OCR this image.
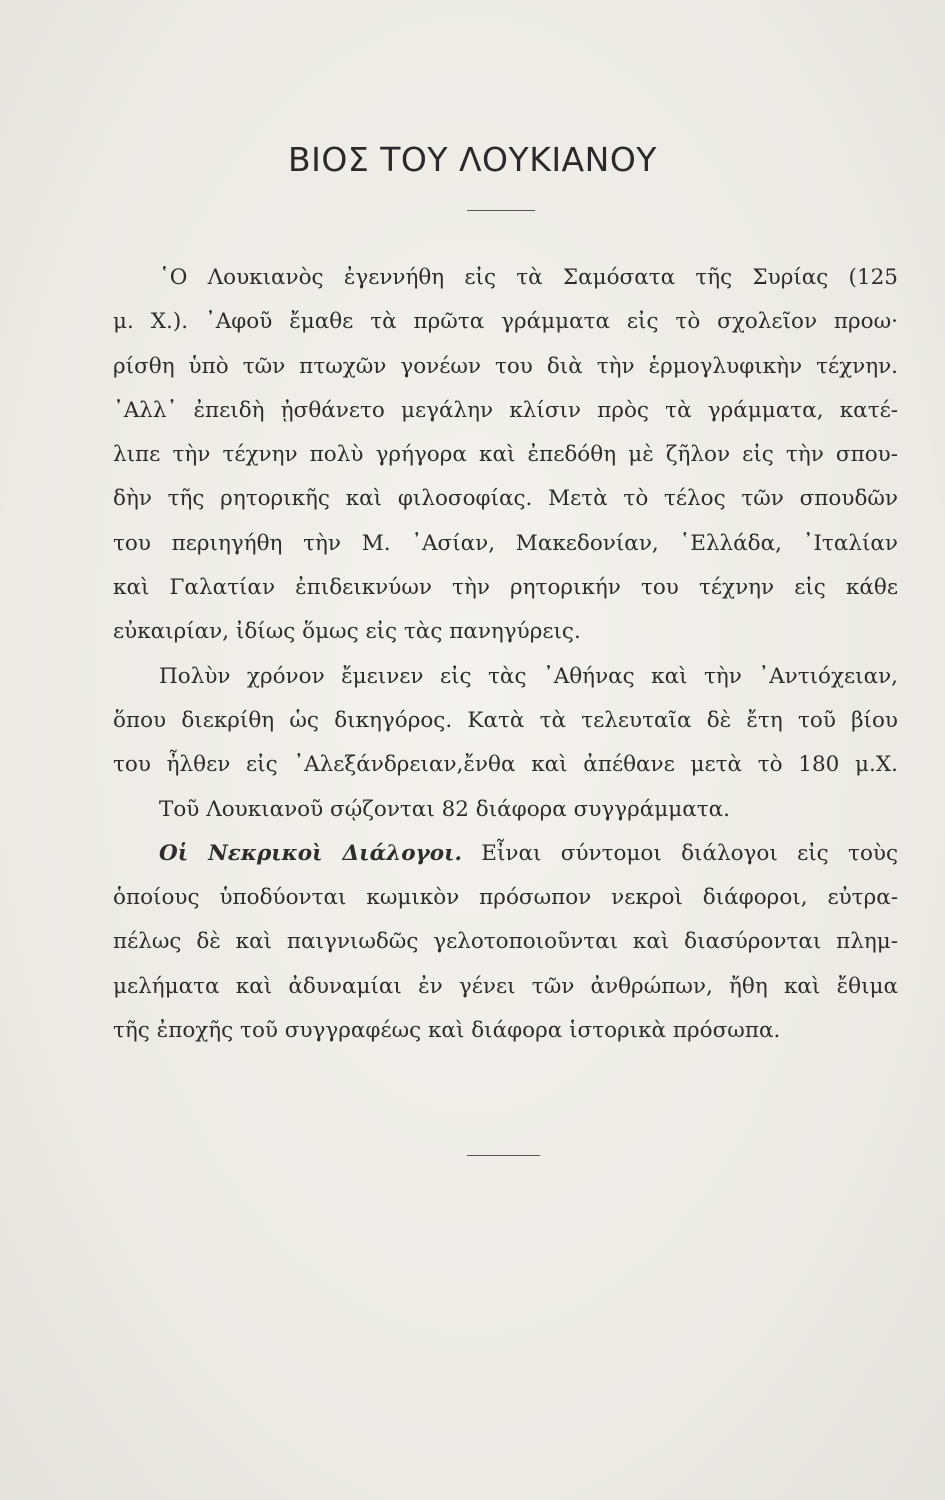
ΒΙΟΣ ΤΟΥ ΛΟΥΚΙΑΝΟΥ
῾Ο Λουκιανὸς ἐγεννήθη εἰς τὰ Σαμόσατα τῆς Συρίας (125
μ. Χ.). ᾿Αφοῦ ἔμαθε τὰ πρῶτα γράμματα εἰς τὸ σχολεῖον προω·
ρίσθη ὑπὸ τῶν πτωχῶν γονέων του διὰ τὴν ἑρμογλυφικὴν τέχνην.
᾿Αλλ᾿ ἐπειδὴ ᾐσθάνετο μεγάλην κλίσιν πρὸς τὰ γράμματα, κατέ-
λιπε τὴν τέχνην πολὺ γρήγορα καὶ ἐπεδόθη μὲ ζῆλον εἰς τὴν σπου-
δὴν τῆς ρητορικῆς καὶ φιλοσοφίας. Μετὰ τὸ τέλος τῶν σπουδῶν
του περιηγήθη τὴν Μ. ᾿Ασίαν, Μακεδονίαν, ῾Ελλάδα, ᾿Ιταλίαν
καὶ Γαλατίαν ἐπιδεικνύων τὴν ρητορικήν του τέχνην εἰς κάθε
εὐκαιρίαν, ἰδίως ὅμως εἰς τὰς πανηγύρεις.
Πολὺν χρόνον ἔμεινεν εἰς τὰς ᾿Αθήνας καὶ τὴν ᾿Αντιόχειαν,
ὅπου διεκρίθη ὡς δικηγόρος. Κατὰ τὰ τελευταῖα δὲ ἔτη τοῦ βίου
του ἦλθεν εἰς ᾿Αλεξάνδρειαν,ἔνθα καὶ ἀπέθανε μετὰ τὸ 180 μ.Χ.
Τοῦ Λουκιανοῦ σῴζονται 82 διάφορα συγγράμματα.
Οἱ Νεκρικοὶ Διάλογοι. Εἶναι σύντομοι διάλογοι εἰς τοὺς
ὁποίους ὑποδύονται κωμικὸν πρόσωπον νεκροὶ διάφοροι, εὐτρα-
πέλως δὲ καὶ παιγνιωδῶς γελοτοποιοῦνται καὶ διασύρονται πλημ-
μελήματα καὶ ἀδυναμίαι ἐν γένει τῶν ἀνθρώπων, ἤθη καὶ ἔθιμα
τῆς ἐποχῆς τοῦ συγγραφέως καὶ διάφορα ἱστορικὰ πρόσωπα.
